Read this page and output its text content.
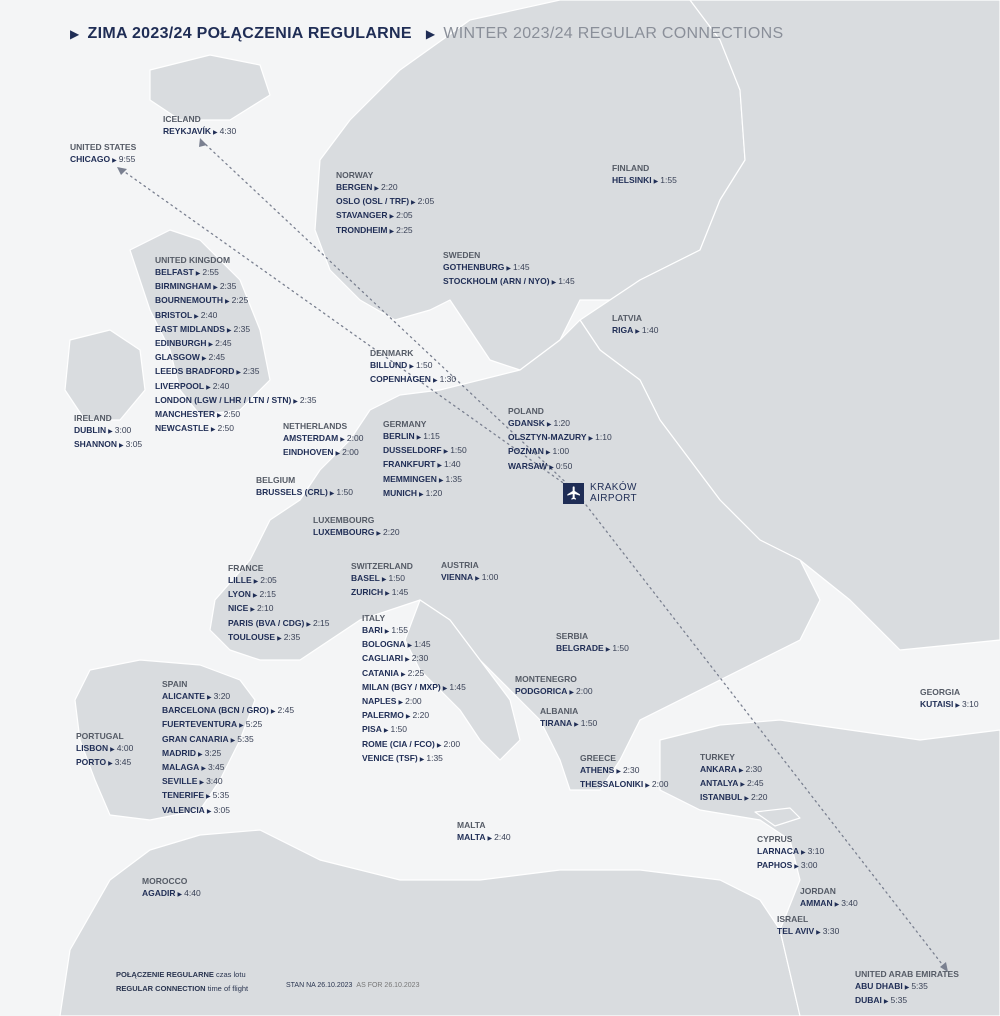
▶ ZIMA 2023/24 POŁĄCZENIA REGULARNE ▶ WINTER 2023/24 REGULAR CONNECTIONS
ICELAND
REYKJAVÍK ▶ 4:30
UNITED STATES
CHICAGO ▶ 9:55
NORWAY
BERGEN ▶ 2:20
OSLO (OSL / TRF) ▶ 2:05
STAVANGER ▶ 2:05
TRONDHEIM ▶ 2:25
FINLAND
HELSINKI ▶ 1:55
SWEDEN
GOTHENBURG ▶ 1:45
STOCKHOLM (ARN / NYO) ▶ 1:45
UNITED KINGDOM
BELFAST ▶ 2:55
BIRMINGHAM ▶ 2:35
BOURNEMOUTH ▶ 2:25
BRISTOL ▶ 2:40
EAST MIDLANDS ▶ 2:35
EDINBURGH ▶ 2:45
GLASGOW ▶ 2:45
LEEDS BRADFORD ▶ 2:35
LIVERPOOL ▶ 2:40
LONDON (LGW / LHR / LTN / STN) ▶ 2:35
MANCHESTER ▶ 2:50
NEWCASTLE ▶ 2:50
LATVIA
RIGA ▶ 1:40
DENMARK
BILLUND ▶ 1:50
COPENHAGEN ▶ 1:30
IRELAND
DUBLIN ▶ 3:00
SHANNON ▶ 3:05
POLAND
GDANSK ▶ 1:20
OLSZTYN-MAZURY ▶ 1:10
POZNAN ▶ 1:00
WARSAW ▶ 0:50
NETHERLANDS
AMSTERDAM ▶ 2:00
EINDHOVEN ▶ 2:00
GERMANY
BERLIN ▶ 1:15
DUSSELDORF ▶ 1:50
FRANKFURT ▶ 1:40
MEMMINGEN ▶ 1:35
MUNICH ▶ 1:20
BELGIUM
BRUSSELS (CRL) ▶ 1:50
LUXEMBOURG
LUXEMBOURG ▶ 2:20
FRANCE
LILLE ▶ 2:05
LYON ▶ 2:15
NICE ▶ 2:10
PARIS (BVA / CDG) ▶ 2:15
TOULOUSE ▶ 2:35
SWITZERLAND
BASEL ▶ 1:50
ZURICH ▶ 1:45
AUSTRIA
VIENNA ▶ 1:00
ITALY
BARI ▶ 1:55
BOLOGNA ▶ 1:45
CAGLIARI ▶ 2:30
CATANIA ▶ 2:25
MILAN (BGY / MXP) ▶ 1:45
NAPLES ▶ 2:00
PALERMO ▶ 2:20
PISA ▶ 1:50
ROME (CIA / FCO) ▶ 2:00
VENICE (TSF) ▶ 1:35
SERBIA
BELGRADE ▶ 1:50
MONTENEGRO
PODGORICA ▶ 2:00	GEORGIA
KUTAISI ▶ 3:10
SPAIN
ALICANTE ▶ 3:20
BARCELONA (BCN / GRO) ▶ 2:45
FUERTEVENTURA ▶ 5:25
GRAN CANARIA ▶ 5:35
MADRID ▶ 3:25
MALAGA ▶ 3:45
SEVILLE ▶ 3:40
TENERIFE ▶ 5:35
VALENCIA ▶ 3:05
ALBANIA
TIRANA ▶ 1:50
PORTUGAL
LISBON ▶ 4:00
PORTO ▶ 3:45	GREECE
ATHENS ▶ 2:30
THESSALONIKI ▶ 2:00
TURKEY
ANKARA ▶ 2:30
ANTALYA ▶ 2:45
ISTANBUL ▶ 2:20
MALTA
MALTA ▶ 2:40	CYPRUS
LARNACA ▶ 3:10
PAPHOS ▶ 3:00
MOROCCO
AGADIR ▶ 4:40	JORDAN
AMMAN ▶ 3:40
ISRAEL
TEL AVIV ▶ 3:30
UNITED ARAB EMIRATES
ABU DHABI ▶ 5:35
DUBAI ▶ 5:35
KRAKÓW
AIRPORT
POŁĄCZENIE REGULARNE czas lotu
REGULAR CONNECTION time of flight	STAN NA 26.10.2023 AS FOR 26.10.2023
